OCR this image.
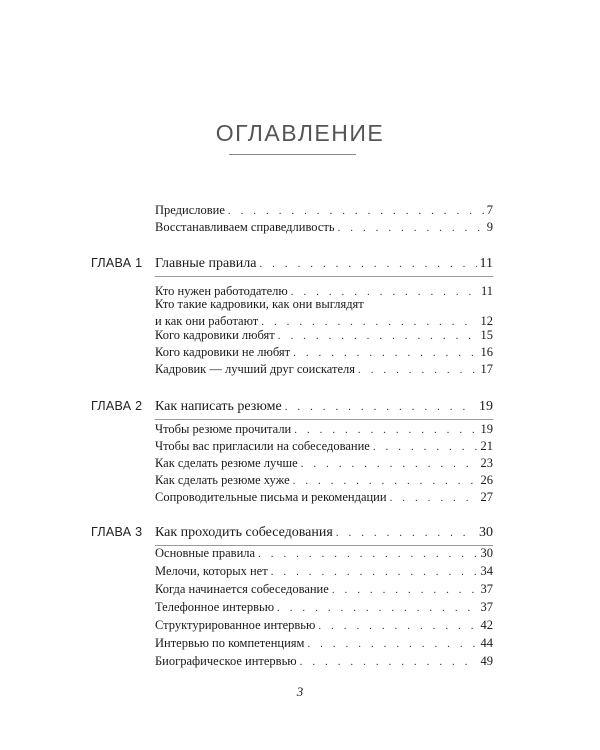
ОГЛАВЛЕНИЕ
Предисловие . . .	7
Восстанавливаем справедливость . . .	9
ГЛАВА 1 Главные правила . . .	11
Кто нужен работодателю . . .	11
Кто такие кадровики, как они выглядят
и как они работают . . .	12
Кого кадровики любят . . .	15
Кого кадровики не любят . . .	16
Кадровик — лучший друг соискателя . . .	17
ГЛАВА 2 Как написать резюме . . .	19
Чтобы резюме прочитали . . .	19
Чтобы вас пригласили на собеседование . . .	21
Как сделать резюме лучше . . .	23
Как сделать резюме хуже . . .	26
Сопроводительные письма и рекомендации . . .	27
ГЛАВА 3 Как проходить собеседования . . .	30
Основные правила . . .	30
Мелочи, которых нет . . .	34
Когда начинается собеседование . . .	37
Телефонное интервью . . .	37
Структурированное интервью . . .	42
Интервью по компетенциям . . .	44
Биографическое интервью . . .	49
3
